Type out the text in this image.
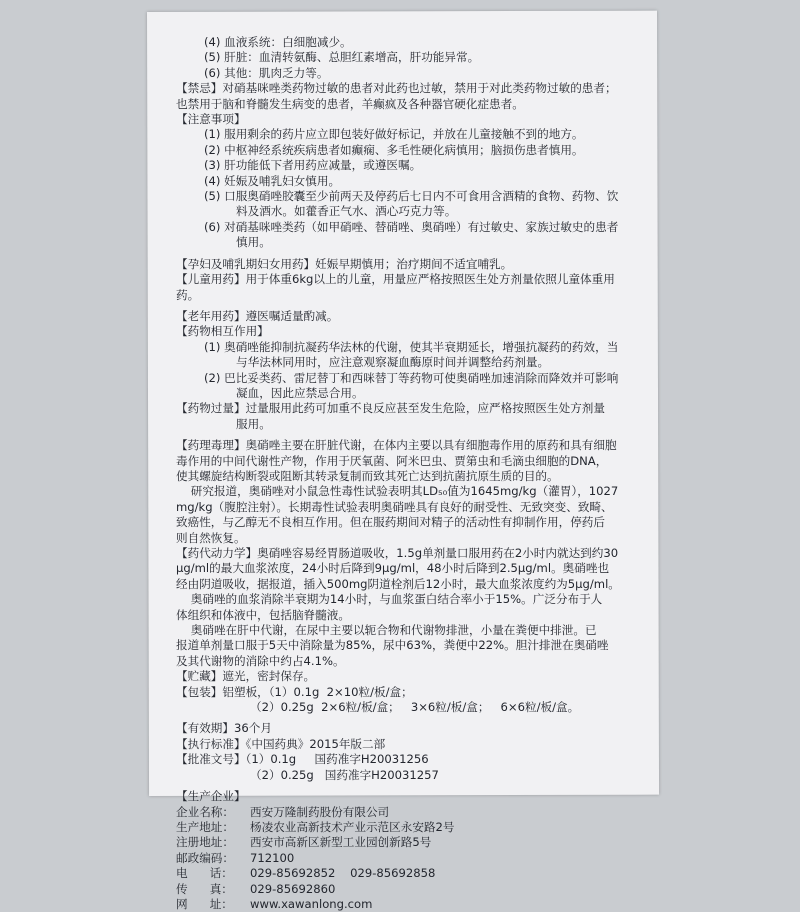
(4) 血液系统：白细胞减少。
(5) 肝脏：血清转氨酶、总胆红素增高，肝功能异常。
(6) 其他：肌肉乏力等。
【禁忌】对硝基咪唑类药物过敏的患者对此药也过敏，禁用于对此类药物过敏的患者；
也禁用于脑和脊髓发生病变的患者，羊癫疯及各种器官硬化症患者。
【注意事项】
(1) 服用剩余的药片应立即包装好做好标记，并放在儿童接触不到的地方。
(2) 中枢神经系统疾病患者如癫痫、多毛性硬化病慎用；脑损伤患者慎用。
(3) 肝功能低下者用药应减量，或遵医嘱。
(4) 妊娠及哺乳妇女慎用。
(5) 口服奥硝唑胶囊至少前两天及停药后七日内不可食用含酒精的食物、药物、饮
料及酒水。如藿香正气水、酒心巧克力等。
(6) 对硝基咪唑类药（如甲硝唑、替硝唑、奥硝唑）有过敏史、家族过敏史的患者
慎用。
【孕妇及哺乳期妇女用药】妊娠早期慎用；治疗期间不适宜哺乳。
【儿童用药】用于体重6kg以上的儿童，用量应严格按照医生处方剂量依照儿童体重用
药。
【老年用药】遵医嘱适量酌减。
【药物相互作用】
(1) 奥硝唑能抑制抗凝药华法林的代谢，使其半衰期延长，增强抗凝药的药效，当
与华法林同用时，应注意观察凝血酶原时间并调整给药剂量。
(2) 巴比妥类药、雷尼替丁和西咪替丁等药物可使奥硝唑加速消除而降效并可影响
凝血，因此应禁忌合用。
【药物过量】过量服用此药可加重不良反应甚至发生危险，应严格按照医生处方剂量
服用。
【药理毒理】奥硝唑主要在肝脏代谢，在体内主要以具有细胞毒作用的原药和具有细胞
毒作用的中间代谢性产物，作用于厌氧菌、阿米巴虫、贾第虫和毛滴虫细胞的DNA，
使其螺旋结构断裂或阻断其转录复制而致其死亡达到抗菌抗原生质的目的。
研究报道，奥硝唑对小鼠急性毒性试验表明其LD₅₀值为1645mg/kg（灌胃），1027
mg/kg（腹腔注射）。长期毒性试验表明奥硝唑具有良好的耐受性、无致突变、致畸、
致癌性，与乙醇无不良相互作用。但在服药期间对精子的活动性有抑制作用，停药后
则自然恢复。
【药代动力学】奥硝唑容易经胃肠道吸收，1.5g单剂量口服用药在2小时内就达到约30
μg/ml的最大血浆浓度，24小时后降到9μg/ml，48小时后降到2.5μg/ml。奥硝唑也
经由阴道吸收，据报道，插入500mg阴道栓剂后12小时，最大血浆浓度约为5μg/ml。
奥硝唑的血浆消除半衰期为14小时，与血浆蛋白结合率小于15%。广泛分布于人
体组织和体液中，包括脑脊髓液。
奥硝唑在肝中代谢，在尿中主要以轭合物和代谢物排泄，小量在粪便中排泄。已
报道单剂量口服于5天中消除量为85%，尿中63%，粪便中22%。胆汁排泄在奥硝唑
及其代谢物的消除中约占4.1%。
【贮藏】遮光，密封保存。
【包装】铝塑板，（1）0.1g  2×10粒/板/盒；
（2）0.25g  2×6粒/板/盒；   3×6粒/板/盒；   6×6粒/板/盒。
【有效期】36个月
【执行标准】《中国药典》2015年版二部
【批准文号】（1）0.1g     国药准字H20031256
（2）0.25g   国药准字H20031257
【生产企业】
企业名称：	西安万隆制药股份有限公司
生产地址：	杨凌农业高新技术产业示范区永安路2号
注册地址：	西安市高新区新型工业园创新路5号
邮政编码：	712100
电      话：	029-85692852    029-85692858
传      真：	029-85692860
网      址：	www.xawanlong.com
